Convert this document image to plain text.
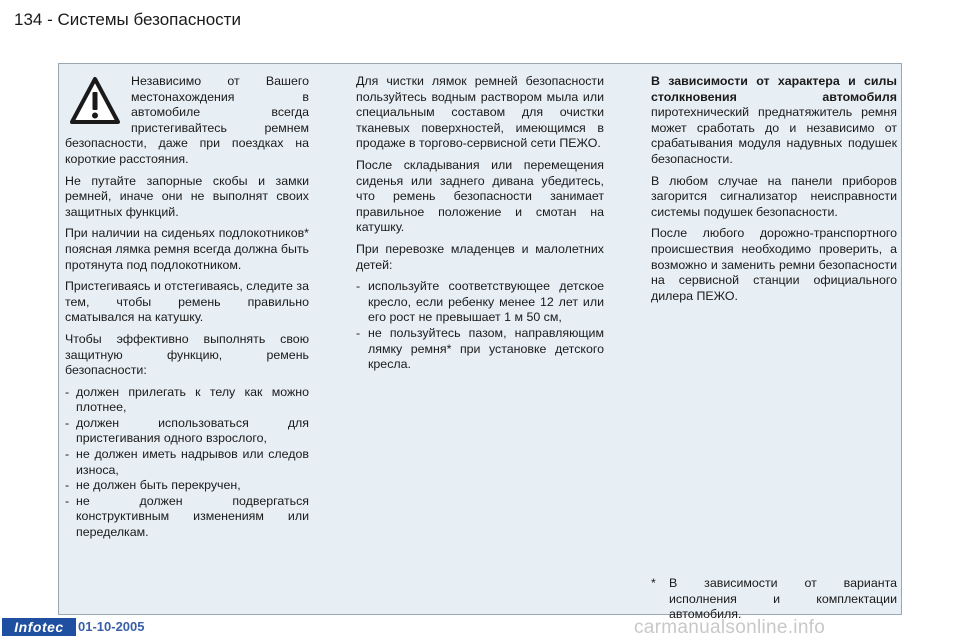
134 - Системы безопасности

Независимо от Вашего местонахождения в автомобиле всегда пристегивайтесь ремнем безопасности, даже при поездках на короткие расстояния.

Не путайте запорные скобы и замки ремней, иначе они не выполнят своих защитных функций.

При наличии на сиденьях подлокотников* поясная лямка ремня всегда должна быть протянута под подлокотником.

Пристегиваясь и отстегиваясь, следите за тем, чтобы ремень правильно сматывался на катушку.

Чтобы эффективно выполнять свою защитную функцию, ремень безопасности:

- должен прилегать к телу как можно плотнее,
- должен использоваться для пристегивания одного взрослого,
- не должен иметь надрывов или следов износа,
- не должен быть перекручен,
- не должен подвергаться конструктивным изменениям или переделкам.

Для чистки лямок ремней безопасности пользуйтесь водным раствором мыла или специальным составом для очистки тканевых поверхностей, имеющимся в продаже в торгово-сервисной сети ПЕЖО.

После складывания или перемещения сиденья или заднего дивана убедитесь, что ремень безопасности занимает правильное положение и смотан на катушку.

При перевозке младенцев и малолетних детей:

- используйте соответствующее детское кресло, если ребенку менее 12 лет или его рост не превышает 1 м 50 см,
- не пользуйтесь пазом, направляющим лямку ремня* при установке детского кресла.

В зависимости от характера и силы столкновения автомобиля пиротехнический преднатяжитель ремня может сработать до и независимо от срабатывания модуля надувных подушек безопасности.

В любом случае на панели приборов загорится сигнализатор неисправности системы подушек безопасности.

После любого дорожно-транспортного происшествия необходимо проверить, а возможно и заменить ремни безопасности на сервисной станции официального дилера ПЕЖО.

*	В зависимости от варианта исполнения и комплектации автомобиля.
Infotec	01-10-2005	carmanualsonline.info
